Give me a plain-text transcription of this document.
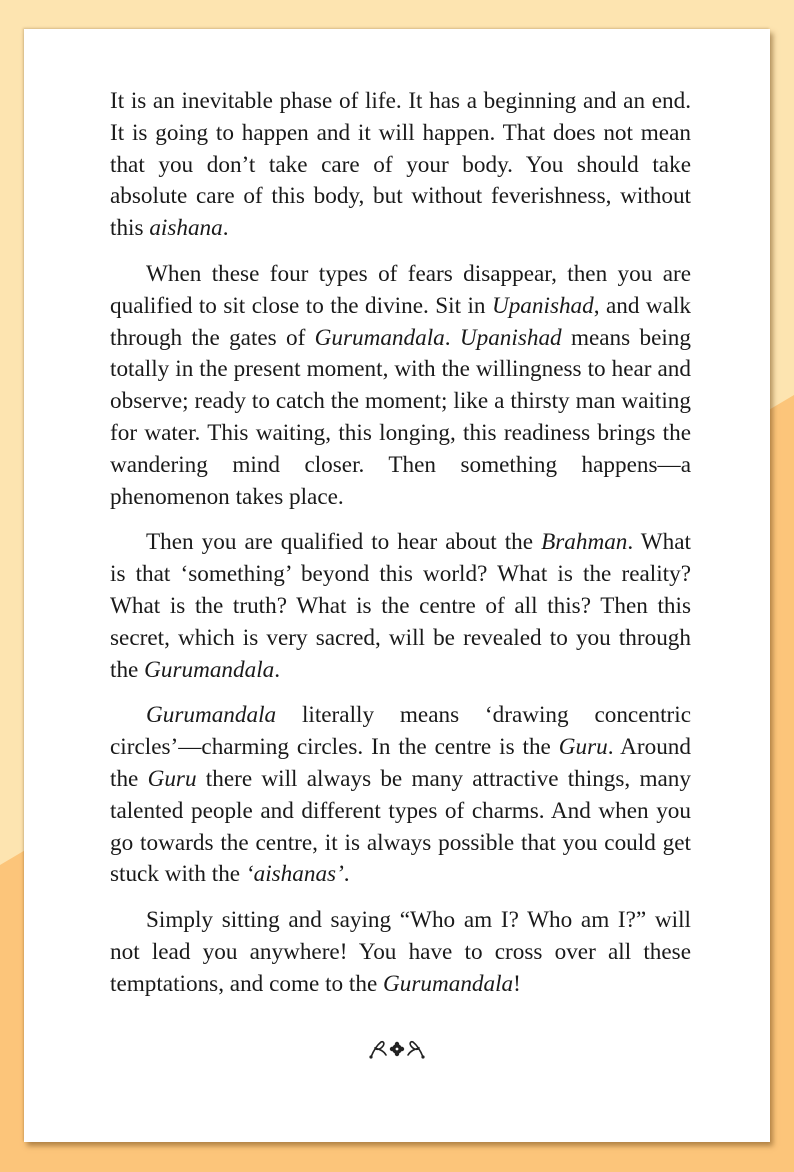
It is an inevitable phase of life. It has a beginning and an end. It is going to happen and it will happen. That does not mean that you don’t take care of your body. You should take absolute care of this body, but without feverishness, without this aishana.

When these four types of fears disappear, then you are qualified to sit close to the divine. Sit in Upanishad, and walk through the gates of Gurumandala. Upanishad means being totally in the present moment, with the willingness to hear and observe; ready to catch the moment; like a thirsty man waiting for water. This waiting, this longing, this readiness brings the wandering mind closer. Then something happens—a phenomenon takes place.

Then you are qualified to hear about the Brahman. What is that ‘something’ beyond this world? What is the reality? What is the truth? What is the centre of all this? Then this secret, which is very sacred, will be revealed to you through the Gurumandala.

Gurumandala literally means ‘drawing concentric circles’—charming circles. In the centre is the Guru. Around the Guru there will always be many attractive things, many talented people and different types of charms. And when you go towards the centre, it is always possible that you could get stuck with the ‘aishanas’.

Simply sitting and saying “Who am I? Who am I?” will not lead you anywhere! You have to cross over all these temptations, and come to the Gurumandala!
